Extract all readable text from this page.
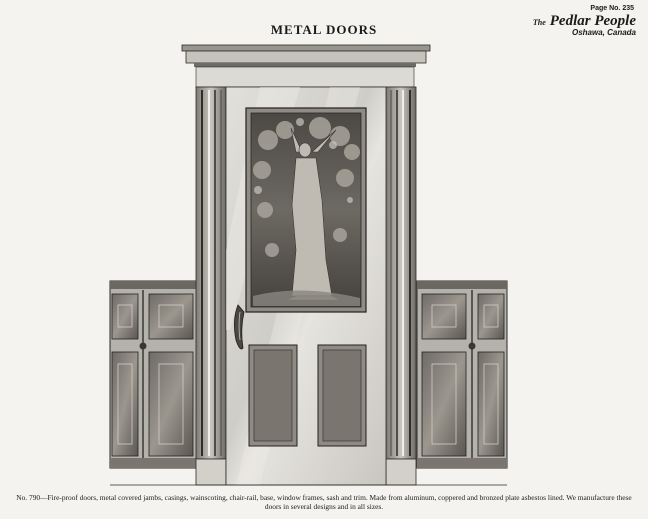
METAL DOORS
Page No. 235
The Pedlar People
Oshawa, Canada
No. 790—Fire-proof doors, metal covered jambs, casings, wainscoting, chair-rail, base, window frames, sash and trim. Made from aluminum, coppered and bronzed plate asbestos lined. We manufacture these doors in several designs and in all sizes.
